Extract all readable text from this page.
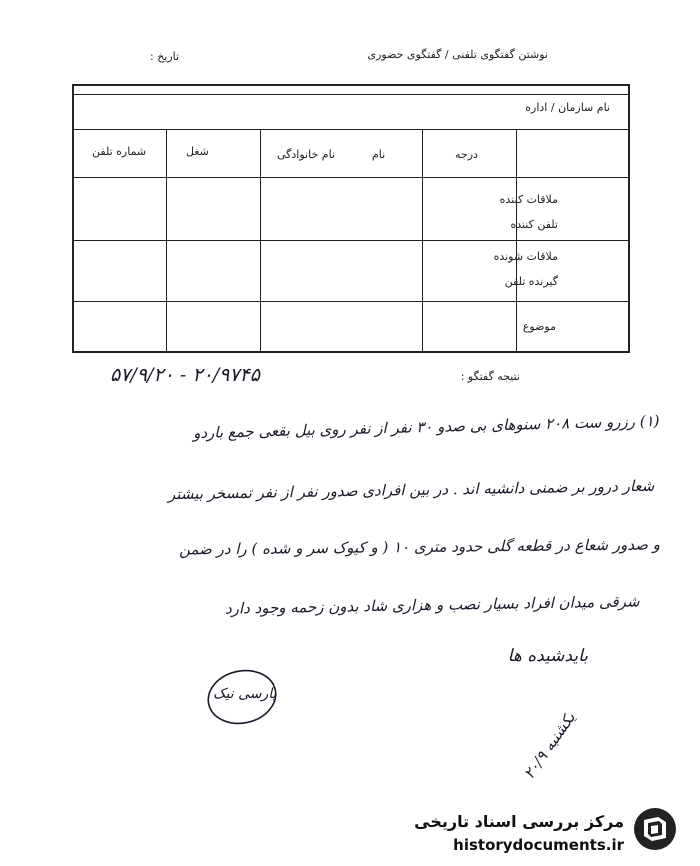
نوشتن گفتگوی تلفنی / گفتگوی حضوری
تاریخ :
نام سازمان / اداره
درجه
نام
نام خانوادگی
شغل
شماره تلفن
ملاقات کننده
تلفن کننده
ملاقات شونده
گیرنده تلفن
موضوع
نتیجه گفتگو :
۵۷/۹/۲۰ - ۲۰/۹۷۴۵
(۱) رزرو ست ۲۰۸ سنوهای بی صدو ۳۰ نفر از نفر روی بیل بقعی جمع باردو
شعار درور بر ضمنی دانشیه اند . در بین افرادی صدور نفر از نفر تمسخر بیشتر
و صدور شعاع در قطعه گلی حدود متری ۱۰ ( و کیوک سر و شده ) را در ضمن
شرقی میدان افراد بسیار نصب و هزاری شاد بدون زحمه وجود دارد
بایدشیده ها
پارسی نیک
یکشنبه ۲۰/۹
مرکز بررسی اسناد تاریخی
historydocuments.ir
